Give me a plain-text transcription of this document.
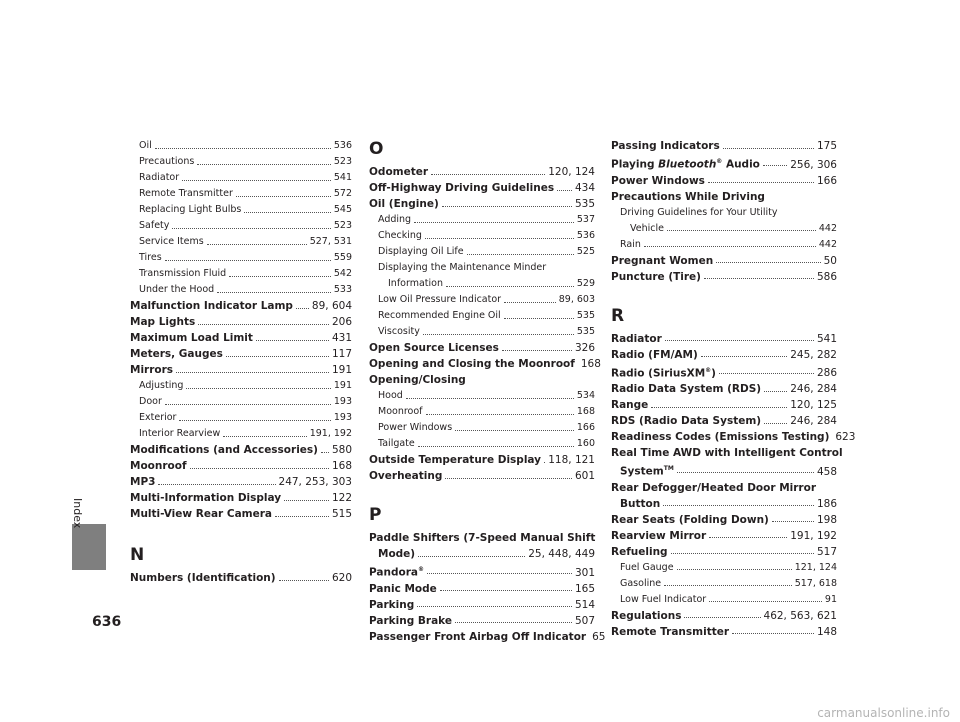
Index
Oil	536
Precautions	523
Radiator	541
Remote Transmitter	572
Replacing Light Bulbs	545
Safety	523
Service Items	527, 531
Tires	559
Transmission Fluid	542
Under the Hood	533
Malfunction Indicator Lamp 89, 604
Map Lights	206
Maximum Load Limit	431
Meters, Gauges	117
Mirrors	191
Adjusting	191
Door	193
Exterior	193
Interior Rearview	191, 192
Modifications (and Accessories) 580
Moonroof	168
MP3	247, 253, 303
Multi-Information Display	122
Multi-View Rear Camera	515
N
Numbers (Identification)	620
O
Odometer	120, 124
Off-Highway Driving Guidelines 434
Oil (Engine)	535
Adding	537
Checking	536
Displaying Oil Life	525
Displaying the Maintenance Minder
Information	529
Low Oil Pressure Indicator	89, 603
Recommended Engine Oil	535
Viscosity	535
Open Source Licenses	326
Opening and Closing the Moonroof 168
Opening/Closing
Hood	534
Moonroof	168
Power Windows	166
Tailgate	160
Outside Temperature Display 118, 121
Overheating	601
P
Paddle Shifters (7-Speed Manual Shift
Mode)	25, 448, 449
Pandora®	301
Panic Mode	165
Parking	514
Parking Brake	507
Passenger Front Airbag Off Indicator 65
Passing Indicators	175
Playing Bluetooth® Audio	256, 306
Power Windows	166
Precautions While Driving
Driving Guidelines for Your Utility
Vehicle	442
Rain	442
Pregnant Women	50
Puncture (Tire)	586
R
Radiator	541
Radio (FM/AM)	245, 282
Radio (SiriusXM®)	286
Radio Data System (RDS)	246, 284
Range	120, 125
RDS (Radio Data System)	246, 284
Readiness Codes (Emissions Testing) 623
Real Time AWD with Intelligent Control
System™	458
Rear Defogger/Heated Door Mirror
Button	186
Rear Seats (Folding Down)	198
Rearview Mirror	191, 192
Refueling	517
Fuel Gauge	121, 124
Gasoline	517, 618
Low Fuel Indicator	91
Regulations	462, 563, 621
Remote Transmitter	148
636
carmanualsonline.info
